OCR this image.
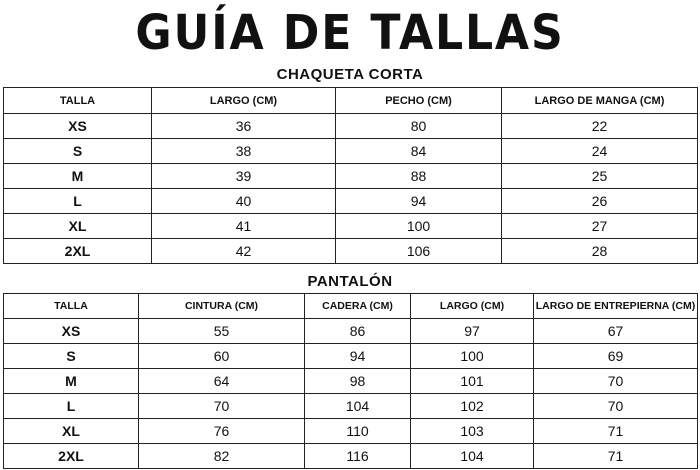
GUÍA DE TALLAS
CHAQUETA CORTA
TALLA	LARGO (CM)	PECHO (CM)	LARGO DE MANGA (CM)
XS	36	80	22
S	38	84	24
M	39	88	25
L	40	94	26
XL	41	100	27
2XL	42	106	28
PANTALÓN
TALLA	CINTURA (CM)	CADERA (CM)	LARGO (CM)	LARGO DE ENTREPIERNA (CM)
XS	55	86	97	67
S	60	94	100	69
M	64	98	101	70
L	70	104	102	70
XL	76	110	103	71
2XL	82	116	104	71
